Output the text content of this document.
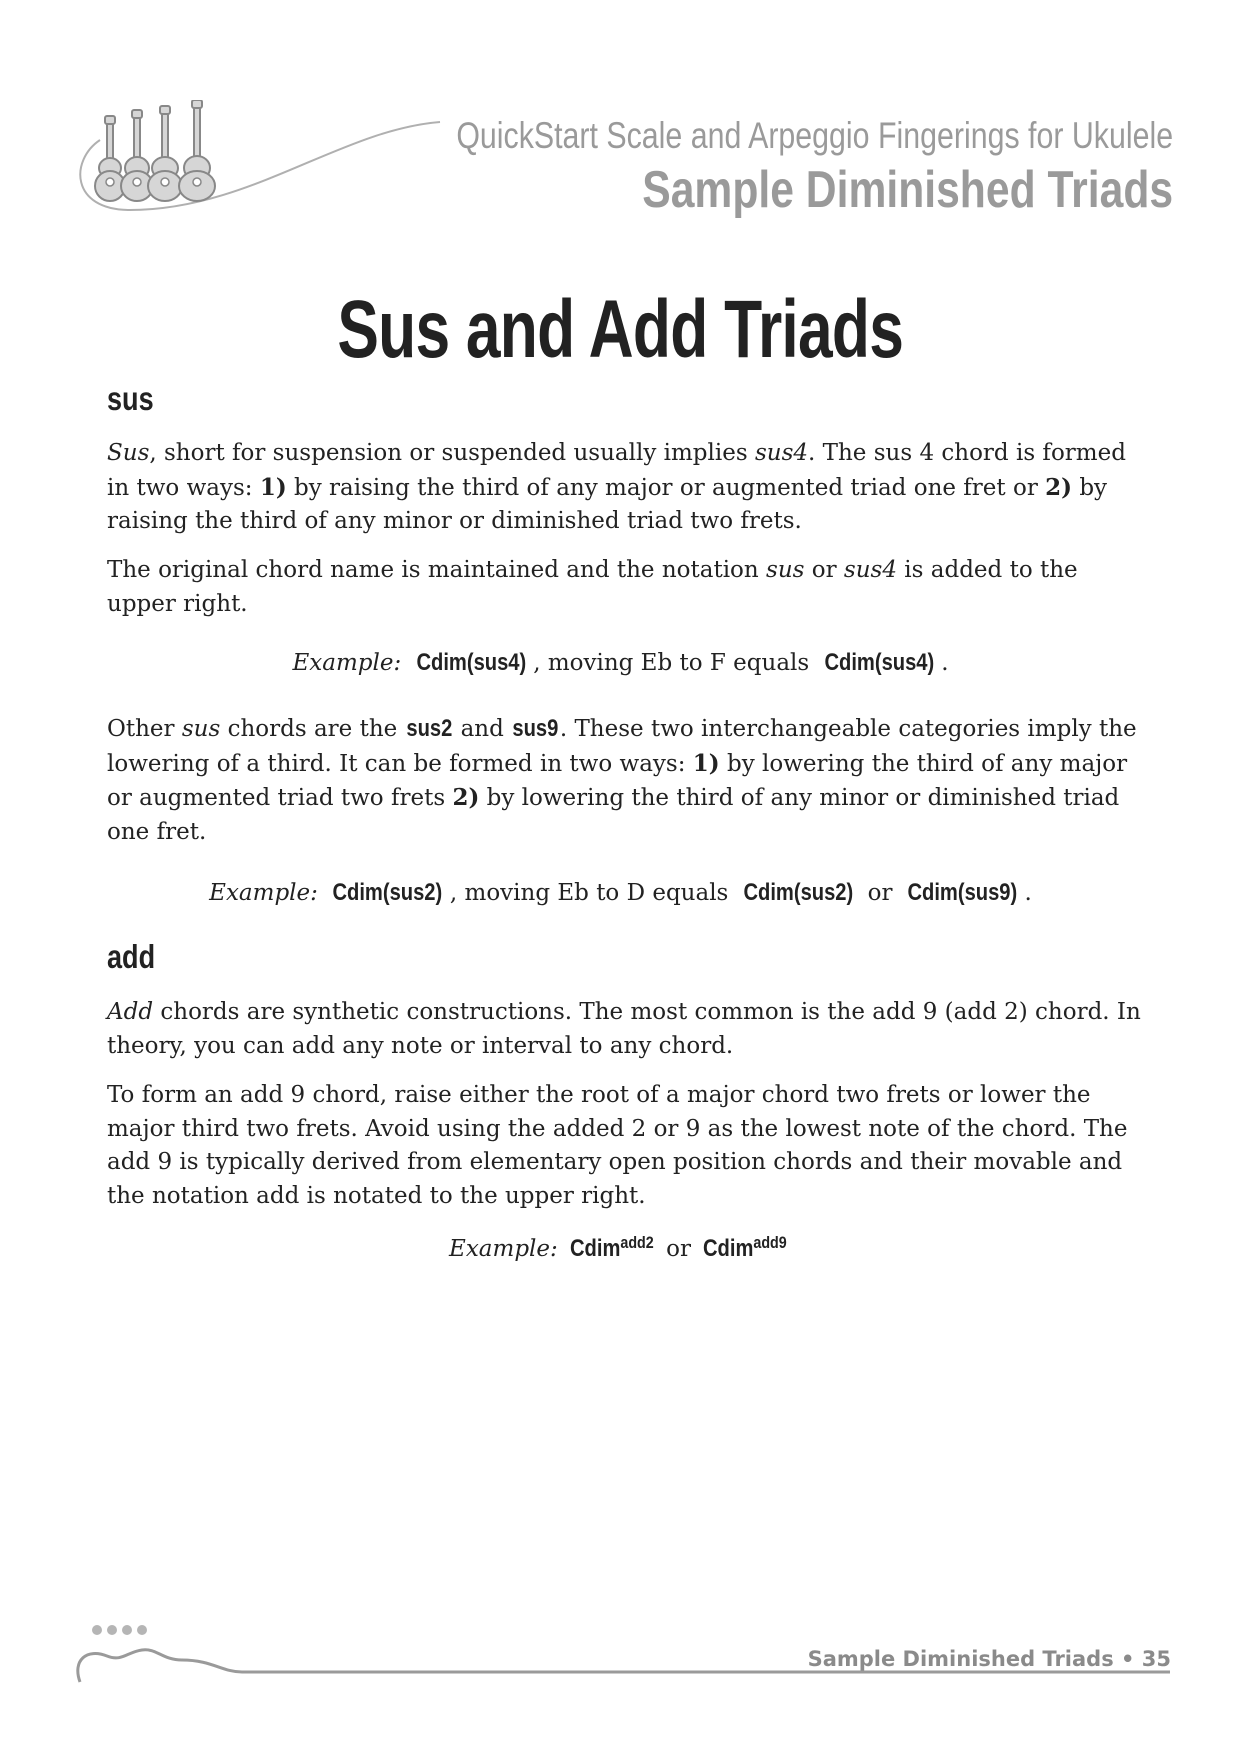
QuickStart Scale and Arpeggio Fingerings for Ukulele
Sample Diminished Triads
Sus and Add Triads
sus

Sus, short for suspension or suspended usually implies sus4. The sus 4 chord is formed in two ways: 1) by raising the third of any major or augmented triad one fret or 2) by raising the third of any minor or diminished triad two frets.

The original chord name is maintained and the notation sus or sus4 is added to the upper right.

Example: Cdim(sus4) , moving Eb to F equals Cdim(sus4) .

Other sus chords are the sus2 and sus9. These two interchangeable categories imply the lowering of a third. It can be formed in two ways: 1) by lowering the third of any major or augmented triad two frets 2) by lowering the third of any minor or diminished triad one fret.

Example: Cdim(sus2) , moving Eb to D equals Cdim(sus2) or Cdim(sus9) .
add

Add chords are synthetic constructions. The most common is the add 9 (add 2) chord. In theory, you can add any note or interval to any chord.

To form an add 9 chord, raise either the root of a major chord two frets or lower the major third two frets. Avoid using the added 2 or 9 as the lowest note of the chord. The add 9 is typically derived from elementary open position chords and their movable and the notation add is notated to the upper right.

Example: Cdim$^{add2}$ or Cdim$^{add9}$
Sample Diminished Triads • 35
